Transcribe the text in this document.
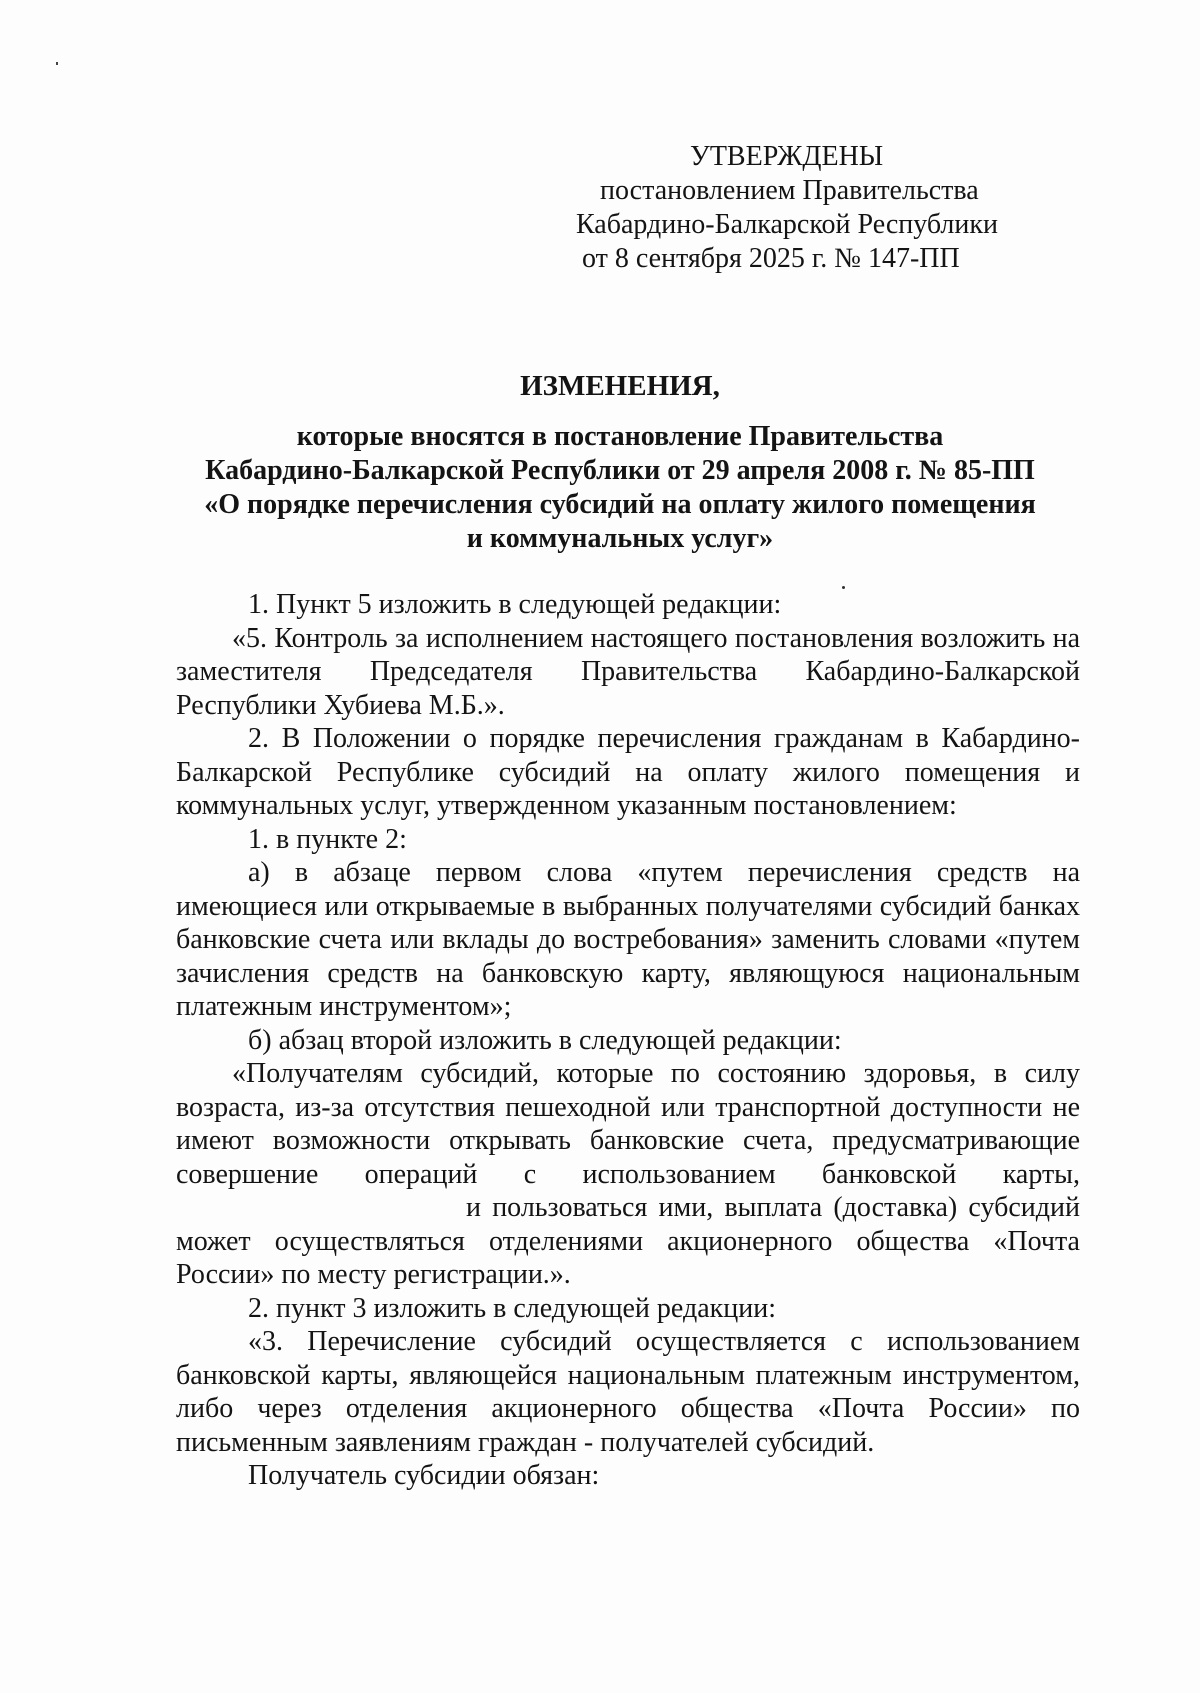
УТВЕРЖДЕНЫ
постановлением Правительства
Кабардино-Балкарской Республики
от 8 сентября 2025 г. № 147-ПП
ИЗМЕНЕНИЯ,
которые вносятся в постановление Правительства
Кабардино-Балкарской Республики от 29 апреля 2008 г. № 85-ПП
«О порядке перечисления субсидий на оплату жилого помещения
и коммунальных услуг»

1. Пункт 5 изложить в следующей редакции:

«5. Контроль за исполнением настоящего постановления возложить на заместителя Председателя Правительства Кабардино-Балкарской Республики Хубиева М.Б.».

2. В Положении о порядке перечисления гражданам в Кабардино-Балкарской Республике субсидий на оплату жилого помещения и коммунальных услуг, утвержденном указанным постановлением:

1. в пункте 2:

а) в абзаце первом слова «путем перечисления средств на имеющиеся или открываемые в выбранных получателями субсидий банках банковские счета или вклады до востребования» заменить словами «путем зачисления средств на банковскую карту, являющуюся национальным платежным инструментом»;

б) абзац второй изложить в следующей редакции:

«Получателям субсидий, которые по состоянию здоровья, в силу возраста, из-за отсутствия пешеходной или транспортной доступности не имеют возможности открывать банковские счета, предусматривающие совершение операций с использованием банковской карты,и пользоваться ими, выплата (доставка) субсидий может осуществляться отделениями акционерного общества «Почта России» по месту регистрации.».

2. пункт 3 изложить в следующей редакции:

«3. Перечисление субсидий осуществляется с использованием банковской карты, являющейся национальным платежным инструментом, либо через отделения акционерного общества «Почта России» по письменным заявлениям граждан - получателей субсидий.

Получатель субсидии обязан:
